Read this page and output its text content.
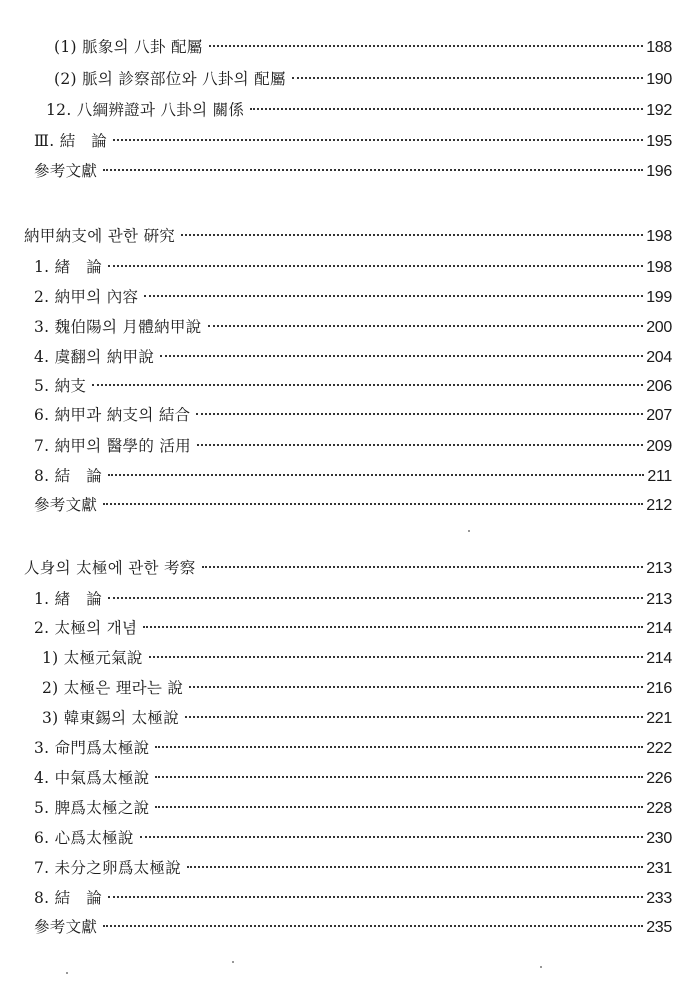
(1) 脈象의 八卦 配屬	188
(2) 脈의 診察部位와 八卦의 配屬	190
12. 八綱辨證과 八卦의 關係	192
Ⅲ. 結　論	195
參考文獻	196
納甲納支에 관한 硏究	198
1. 緖　論	198
2. 納甲의 內容	199
3. 魏伯陽의 月體納甲說	200
4. 虞翻의 納甲說	204
5. 納支	206
6. 納甲과 納支의 結合	207
7. 納甲의 醫學的 活用	209
8. 結　論	211
參考文獻	212
人身의 太極에 관한 考察	213
1. 緖　論	213
2. 太極의 개념	214
1) 太極元氣說	214
2) 太極은 理라는 說	216
3) 韓東錫의 太極說	221
3. 命門爲太極說	222
4. 中氣爲太極說	226
5. 脾爲太極之說	228
6. 心爲太極說	230
7. 未分之卵爲太極說	231
8. 結　論	233
參考文獻	235
